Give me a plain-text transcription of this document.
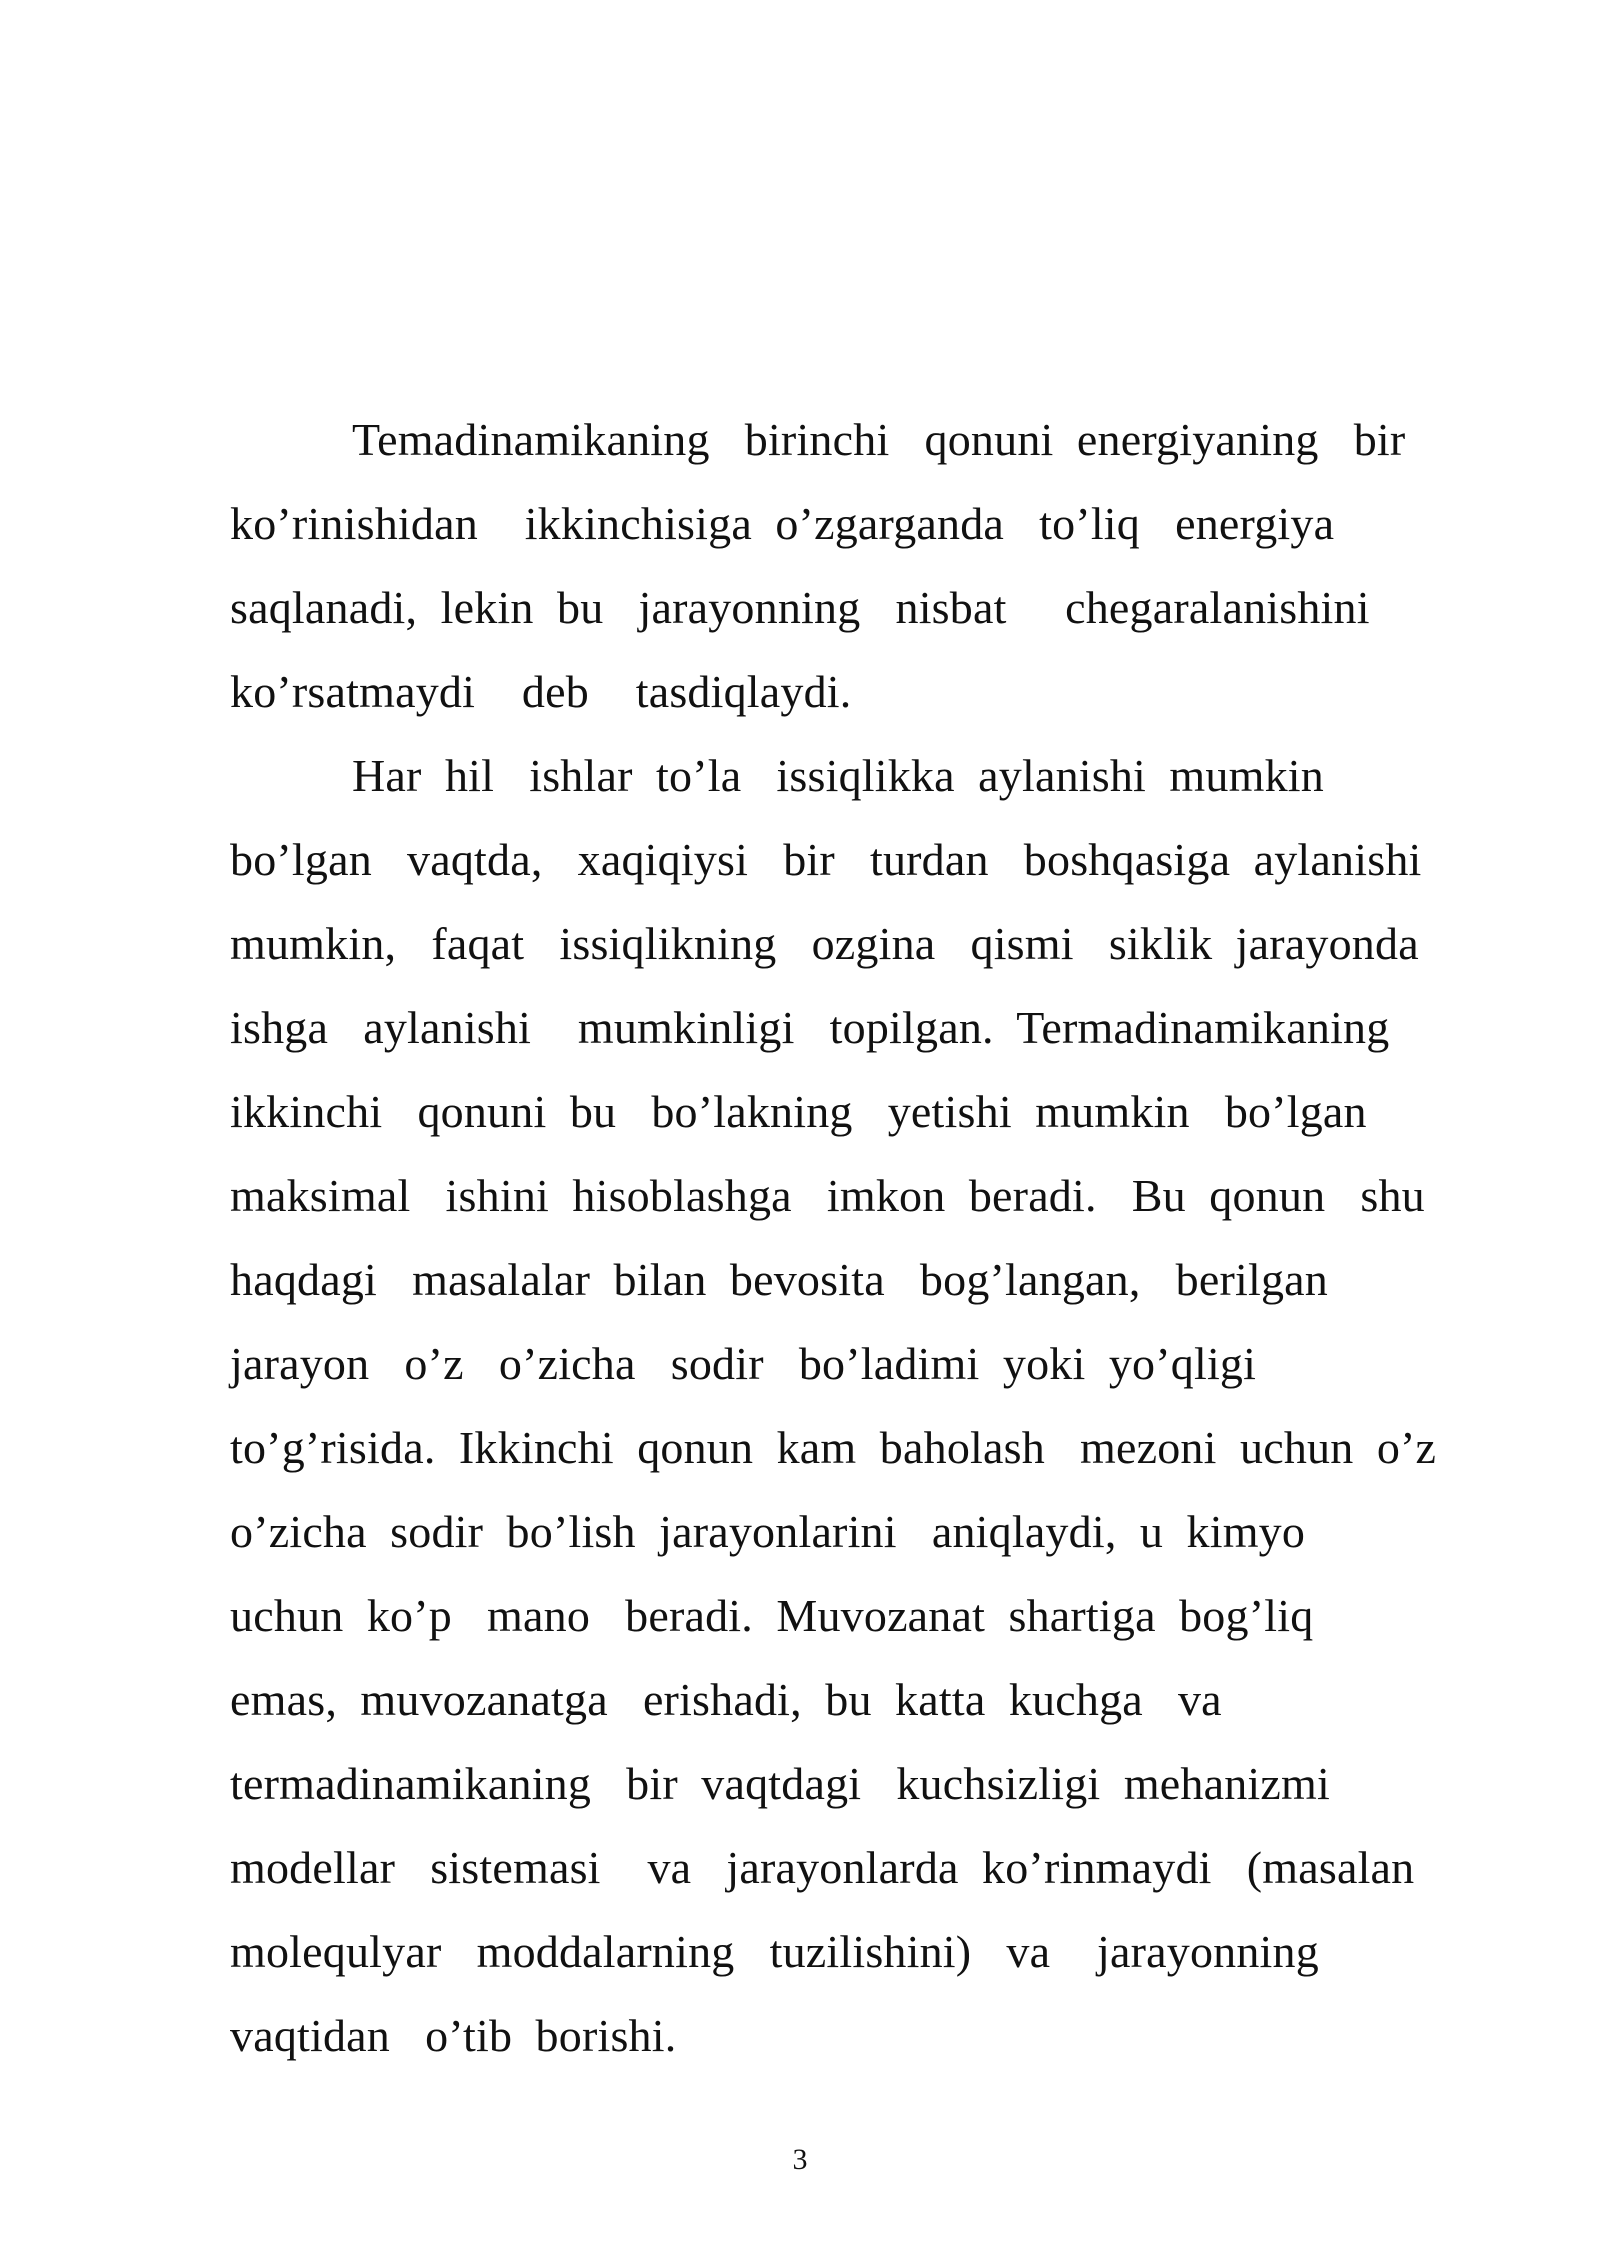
Temadinamikaning   birinchi   qonuni  energiyaning   bir
ko’rinishidan    ikkinchisiga  o’zgarganda   to’liq   energiya
saqlanadi,  lekin  bu   jarayonning   nisbat     chegaralanishini
ko’rsatmaydi    deb    tasdiqlaydi.
Har  hil   ishlar  to’la   issiqlikka  aylanishi  mumkin
bo’lgan   vaqtda,   xaqiqiysi   bir   turdan   boshqasiga  aylanishi
mumkin,   faqat   issiqlikning   ozgina   qismi   siklik  jarayonda
ishga   aylanishi    mumkinligi   topilgan.  Termadinamikaning
ikkinchi   qonuni  bu   bo’lakning   yetishi  mumkin   bo’lgan
maksimal   ishini  hisoblashga   imkon  beradi.   Bu  qonun   shu
haqdagi   masalalar  bilan  bevosita   bog’langan,   berilgan
jarayon   o’z   o’zicha   sodir   bo’ladimi  yoki  yo’qligi
to’g’risida.  Ikkinchi  qonun  kam  baholash   mezoni  uchun  o’z
o’zicha  sodir  bo’lish  jarayonlarini   aniqlaydi,  u  kimyo
uchun  ko’p   mano   beradi.  Muvozanat  shartiga  bog’liq
emas,  muvozanatga   erishadi,  bu  katta  kuchga   va
termadinamikaning   bir  vaqtdagi   kuchsizligi  mehanizmi
modellar   sistemasi    va   jarayonlarda  ko’rinmaydi   (masalan
molequlyar   moddalarning   tuzilishini)   va    jarayonning
vaqtidan   o’tib  borishi.
3
